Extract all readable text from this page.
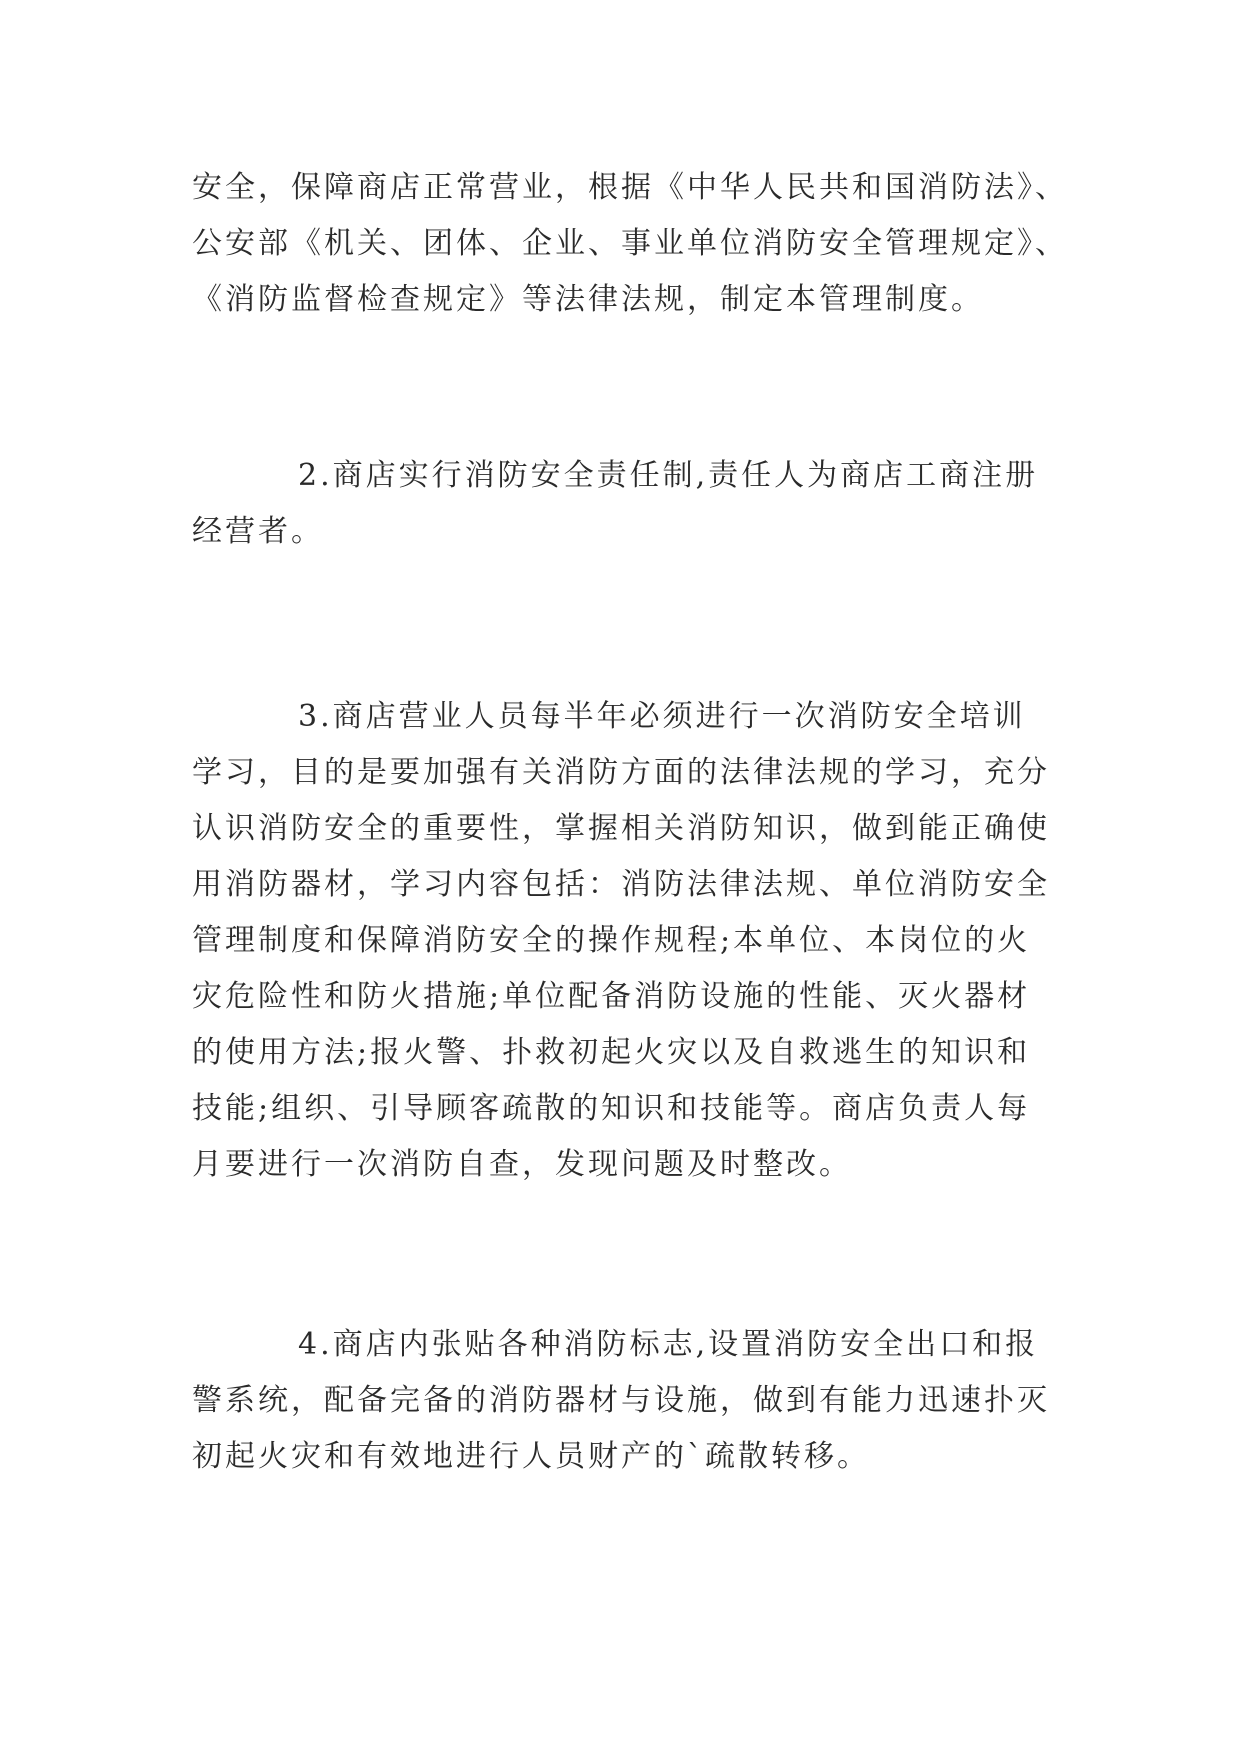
安全，保障商店正常营业，根据《中华人民共和国消防法》、
公安部《机关、团体、企业、事业单位消防安全管理规定》、
《消防监督检查规定》等法律法规，制定本管理制度。

2.商店实行消防安全责任制,责任人为商店工商注册
经营者。

3.商店营业人员每半年必须进行一次消防安全培训
学习，目的是要加强有关消防方面的法律法规的学习，充分
认识消防安全的重要性，掌握相关消防知识，做到能正确使
用消防器材，学习内容包括：消防法律法规、单位消防安全
管理制度和保障消防安全的操作规程;本单位、本岗位的火
灾危险性和防火措施;单位配备消防设施的性能、灭火器材
的使用方法;报火警、扑救初起火灾以及自救逃生的知识和
技能;组织、引导顾客疏散的知识和技能等。商店负责人每
月要进行一次消防自查，发现问题及时整改。

4.商店内张贴各种消防标志,设置消防安全出口和报
警系统，配备完备的消防器材与设施，做到有能力迅速扑灭
初起火灾和有效地进行人员财产的`疏散转移。
